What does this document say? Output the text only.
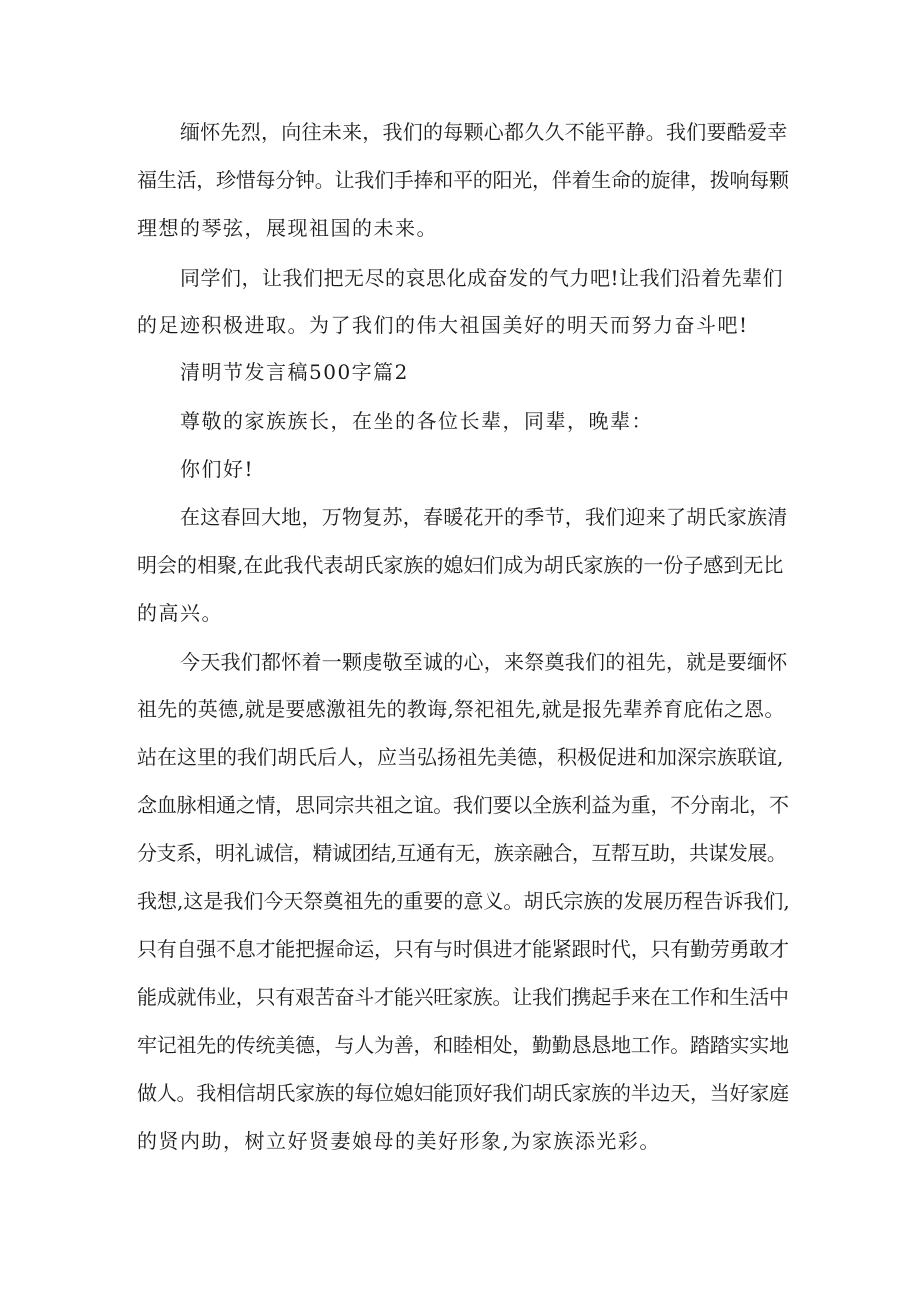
缅怀先烈，向往未来，我们的每颗心都久久不能平静。我们要酷爱幸
福生活，珍惜每分钟。让我们手捧和平的阳光，伴着生命的旋律，拨响每颗
理想的琴弦，展现祖国的未来。
同学们，让我们把无尽的哀思化成奋发的气力吧!让我们沿着先辈们
的足迹积极进取。为了我们的伟大祖国美好的明天而努力奋斗吧!
清明节发言稿500字篇2
尊敬的家族族长，在坐的各位长辈，同辈，晚辈：
你们好!
在这春回大地，万物复苏，春暖花开的季节，我们迎来了胡氏家族清
明会的相聚,在此我代表胡氏家族的媳妇们成为胡氏家族的一份子感到无比
的高兴。
今天我们都怀着一颗虔敬至诚的心，来祭奠我们的祖先，就是要缅怀
祖先的英德,就是要感激祖先的教诲,祭祀祖先,就是报先辈养育庇佑之恩。
站在这里的我们胡氏后人，应当弘扬祖先美德，积极促进和加深宗族联谊,
念血脉相通之情，思同宗共祖之谊。我们要以全族利益为重，不分南北，不
分支系，明礼诚信，精诚团结,互通有无，族亲融合，互帮互助，共谋发展。
我想,这是我们今天祭奠祖先的重要的意义。胡氏宗族的发展历程告诉我们,
只有自强不息才能把握命运，只有与时俱进才能紧跟时代，只有勤劳勇敢才
能成就伟业，只有艰苦奋斗才能兴旺家族。让我们携起手来在工作和生活中
牢记祖先的传统美德，与人为善，和睦相处，勤勤恳恳地工作。踏踏实实地
做人。我相信胡氏家族的每位媳妇能顶好我们胡氏家族的半边天，当好家庭
的贤内助，树立好贤妻娘母的美好形象,为家族添光彩。
